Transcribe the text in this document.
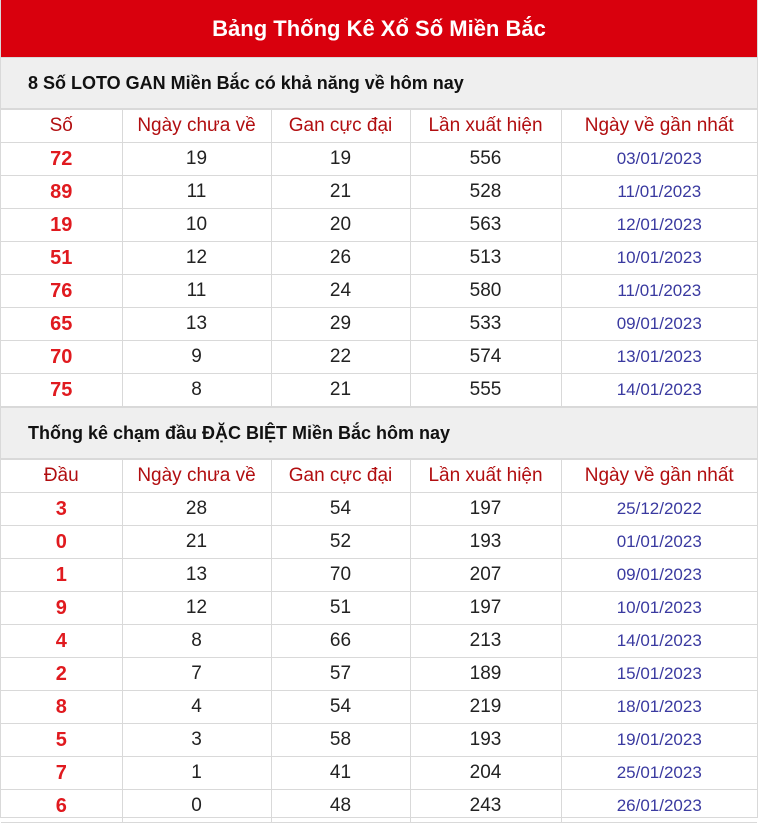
Bảng Thống Kê Xổ Số Miền Bắc
8 Số LOTO GAN Miền Bắc có khả năng về hôm nay
Số	Ngày chưa về	Gan cực đại	Lần xuất hiện	Ngày về gần nhất
72	19	19	556	03/01/2023
89	11	21	528	11/01/2023
19	10	20	563	12/01/2023
51	12	26	513	10/01/2023
76	11	24	580	11/01/2023
65	13	29	533	09/01/2023
70	9	22	574	13/01/2023
75	8	21	555	14/01/2023
Thống kê chạm đầu ĐẶC BIỆT Miền Bắc hôm nay
Đầu	Ngày chưa về	Gan cực đại	Lần xuất hiện	Ngày về gần nhất
3	28	54	197	25/12/2022
0	21	52	193	01/01/2023
1	13	70	207	09/01/2023
9	12	51	197	10/01/2023
4	8	66	213	14/01/2023
2	7	57	189	15/01/2023
8	4	54	219	18/01/2023
5	3	58	193	19/01/2023
7	1	41	204	25/01/2023
6	0	48	243	26/01/2023
